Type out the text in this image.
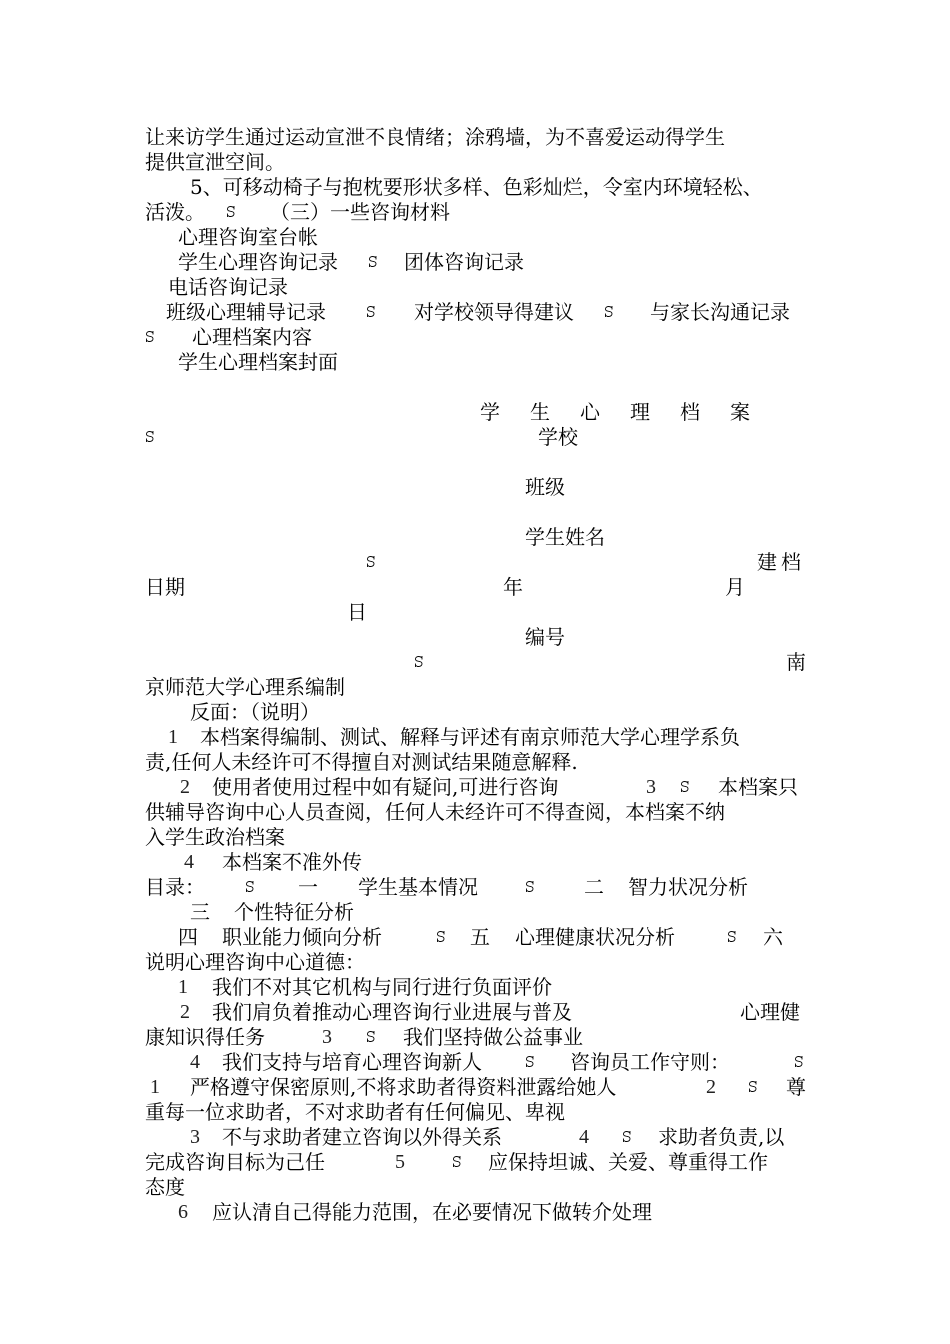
让来访学生通过运动宣泄不良情绪；涂鸦墙，为不喜爱运动得学生
提供宣泄空间。
5、可移动椅子与抱枕要形状多样、色彩灿烂，令室内环境轻松、
活泼。 ꕶ （三）一些咨询材料
心理咨询室台帐
学生心理咨询记录 ꕶ 团体咨询记录
电话咨询记录
班级心理辅导记录	ꕶ 对学校领导得建议 ꕶ 与家长沟通记录
ꕶ 心理档案内容
学生心理档案封面
学生心理档案
ꕶ	学校
班级
学生姓名
ꕶ	建档
日期	年	月
日
编号
ꕶ	南
京师范大学心理系编制
反面：（说明）
1 本档案得编制、测试、解释与评述有南京师范大学心理学系负
责,任何人未经许可不得擅自对测试结果随意解释.
2 使用者使用过程中如有疑问,可进行咨询	3 ꕶ 本档案只
供辅导咨询中心人员查阅，任何人未经许可不得查阅，本档案不纳
入学生政治档案
4 本档案不准外传
目录：	ꕶ 一 学生基本情况	ꕶ 二 智力状况分析
三 个性特征分析
四 职业能力倾向分析	ꕶ 五 心理健康状况分析	ꕶ 六
说明心理咨询中心道德：
1 我们不对其它机构与同行进行负面评价
2 我们肩负着推动心理咨询行业进展与普及	心理健
康知识得任务	3 ꕶ 我们坚持做公益事业
4 我们支持与培育心理咨询新人	ꕶ 咨询员工作守则：	ꕶ
1 严格遵守保密原则,不将求助者得资料泄露给她人	2 ꕶ 尊
重每一位求助者，不对求助者有任何偏见、卑视
3 不与求助者建立咨询以外得关系	4 ꕶ 求助者负责,以
完成咨询目标为己任	5	ꕶ 应保持坦诚、关爱、尊重得工作
态度
6 应认清自己得能力范围，在必要情况下做转介处理
